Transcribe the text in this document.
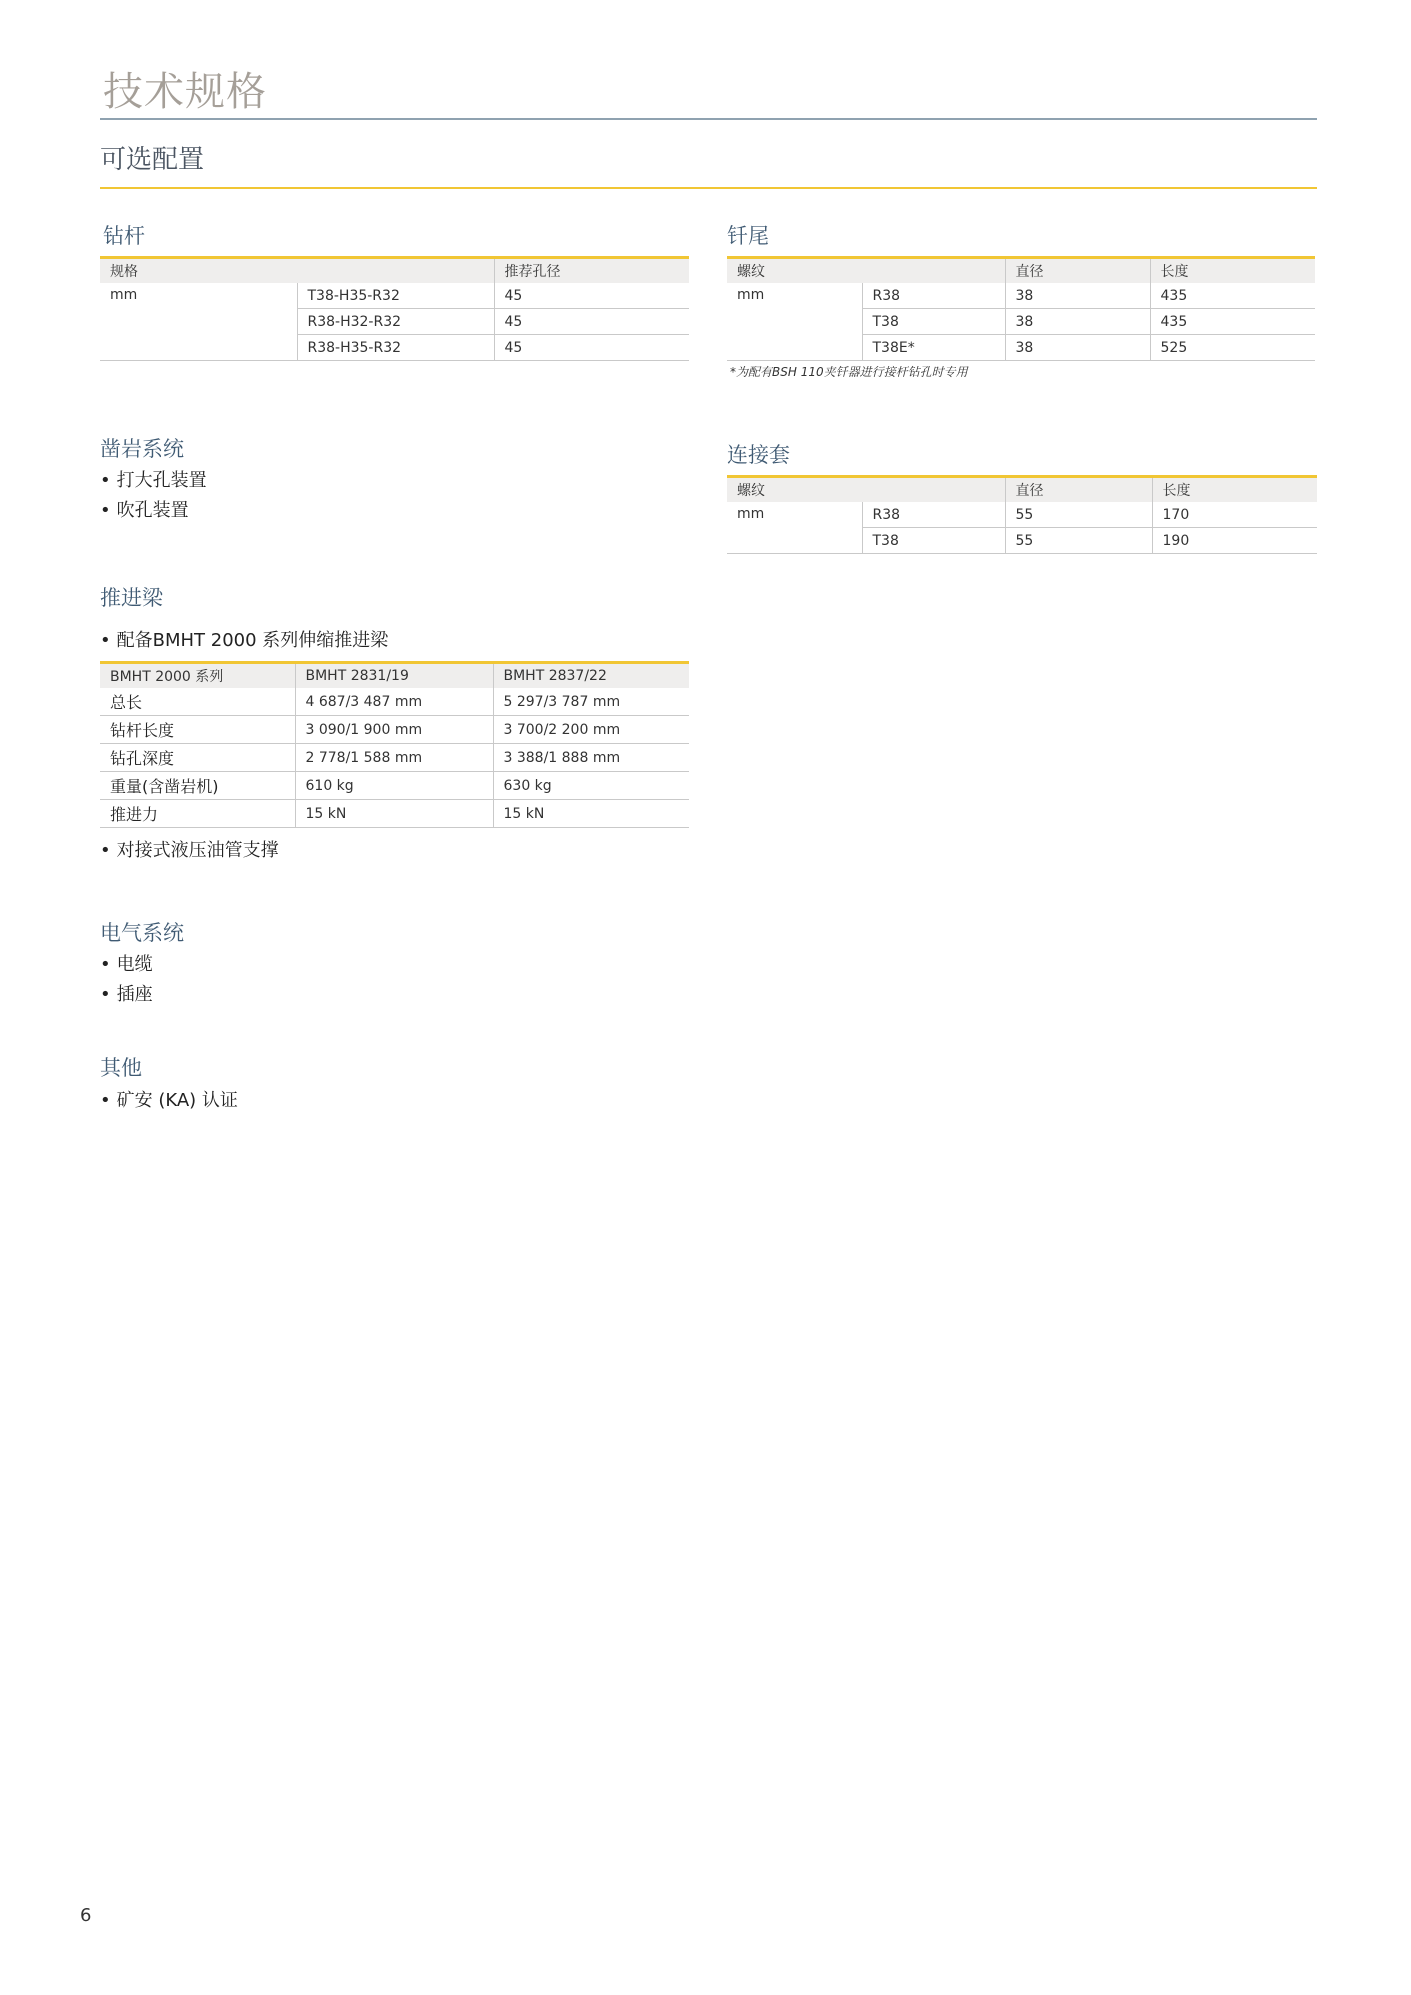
技术规格
可选配置
钻杆
规格		推荐孔径
mm	T38-H35-R32	45
	R38-H32-R32	45
	R38-H35-R32	45
钎尾
螺纹		直径	长度
mm	R38	38	435
	T38	38	435
	T38E*	38	525
*为配有BSH 110夹钎器进行接杆钻孔时专用
连接套
螺纹		直径	长度
mm	R38	55	170
	T38	55	190
凿岩系统
• 打大孔装置
• 吹孔装置
推进梁
• 配备BMHT 2000 系列伸缩推进梁
BMHT 2000 系列	BMHT 2831/19	BMHT 2837/22
总长	4 687/3 487 mm	5 297/3 787 mm
钻杆长度	3 090/1 900 mm	3 700/2 200 mm
钻孔深度	2 778/1 588 mm	3 388/1 888 mm
重量(含凿岩机)	610 kg	630 kg
推进力	15 kN	15 kN
• 对接式液压油管支撑
电气系统
• 电缆
• 插座
其他
• 矿安 (KA) 认证
6
